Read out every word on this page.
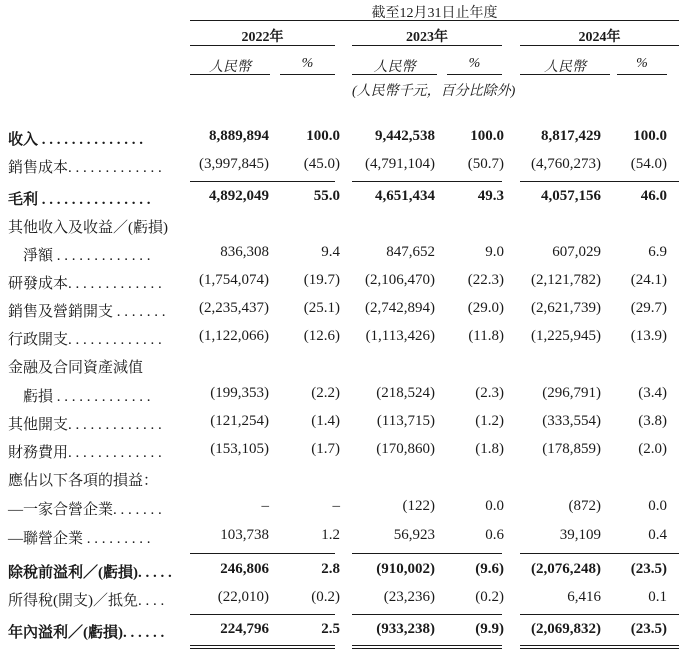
截至12月31日止年度
2022年	2023年	2024年
人民幣	%	人民幣	%	人民幣	%
(人民幣千元，百分比除外)
收入 . . . . . . . . . . . . . .	8,889,894 100.0 9,442,538 100.0 8,817,429 100.0
銷售成本. . . . . . . . . . . . . (3,997,845) (45.0) (4,791,104) (50.7) (4,760,273) (54.0)
毛利 . . . . . . . . . . . . . . .	4,892,049	55.0 4,651,434	49.3 4,057,156	46.0
其他收入及收益／(虧損)
　淨額 . . . . . . . . . . . . .	836,308	9.4	847,652	9.0	607,029	6.9
研發成本. . . . . . . . . . . . . (1,754,074) (19.7) (2,106,470) (22.3) (2,121,782) (24.1)
銷售及營銷開支 . . . . . . . (2,235,437) (25.1) (2,742,894) (29.0) (2,621,739) (29.7)
行政開支. . . . . . . . . . . . . (1,122,066) (12.6) (1,113,426) (11.8) (1,225,945) (13.9)
金融及合同資產減值
　虧損 . . . . . . . . . . . . .	(199,353)	(2.2) (218,524)	(2.3)	(296,791) (3.4)
其他開支. . . . . . . . . . . . .	(121,254)	(1.4) (113,715)	(1.2)	(333,554) (3.8)
財務費用. . . . . . . . . . . . .	(153,105)	(1.7) (170,860)	(1.8)	(178,859) (2.0)
應佔以下各項的損益：
—一家合營企業. . . . . . .	–	–	(122)	0.0	(872)	0.0
—聯營企業 . . . . . . . . .	103,738	1.2	56,923	0.6	39,109	0.4
除稅前溢利／(虧損). . . . .	246,806	2.8 (910,002)	(9.6) (2,076,248) (23.5)
所得稅(開支)／抵免. . . .	(22,010)	(0.2)	(23,236)	(0.2)	6,416	0.1
年內溢利／(虧損). . . . . .	224,796	2.5 (933,238)	(9.9) (2,069,832) (23.5)
